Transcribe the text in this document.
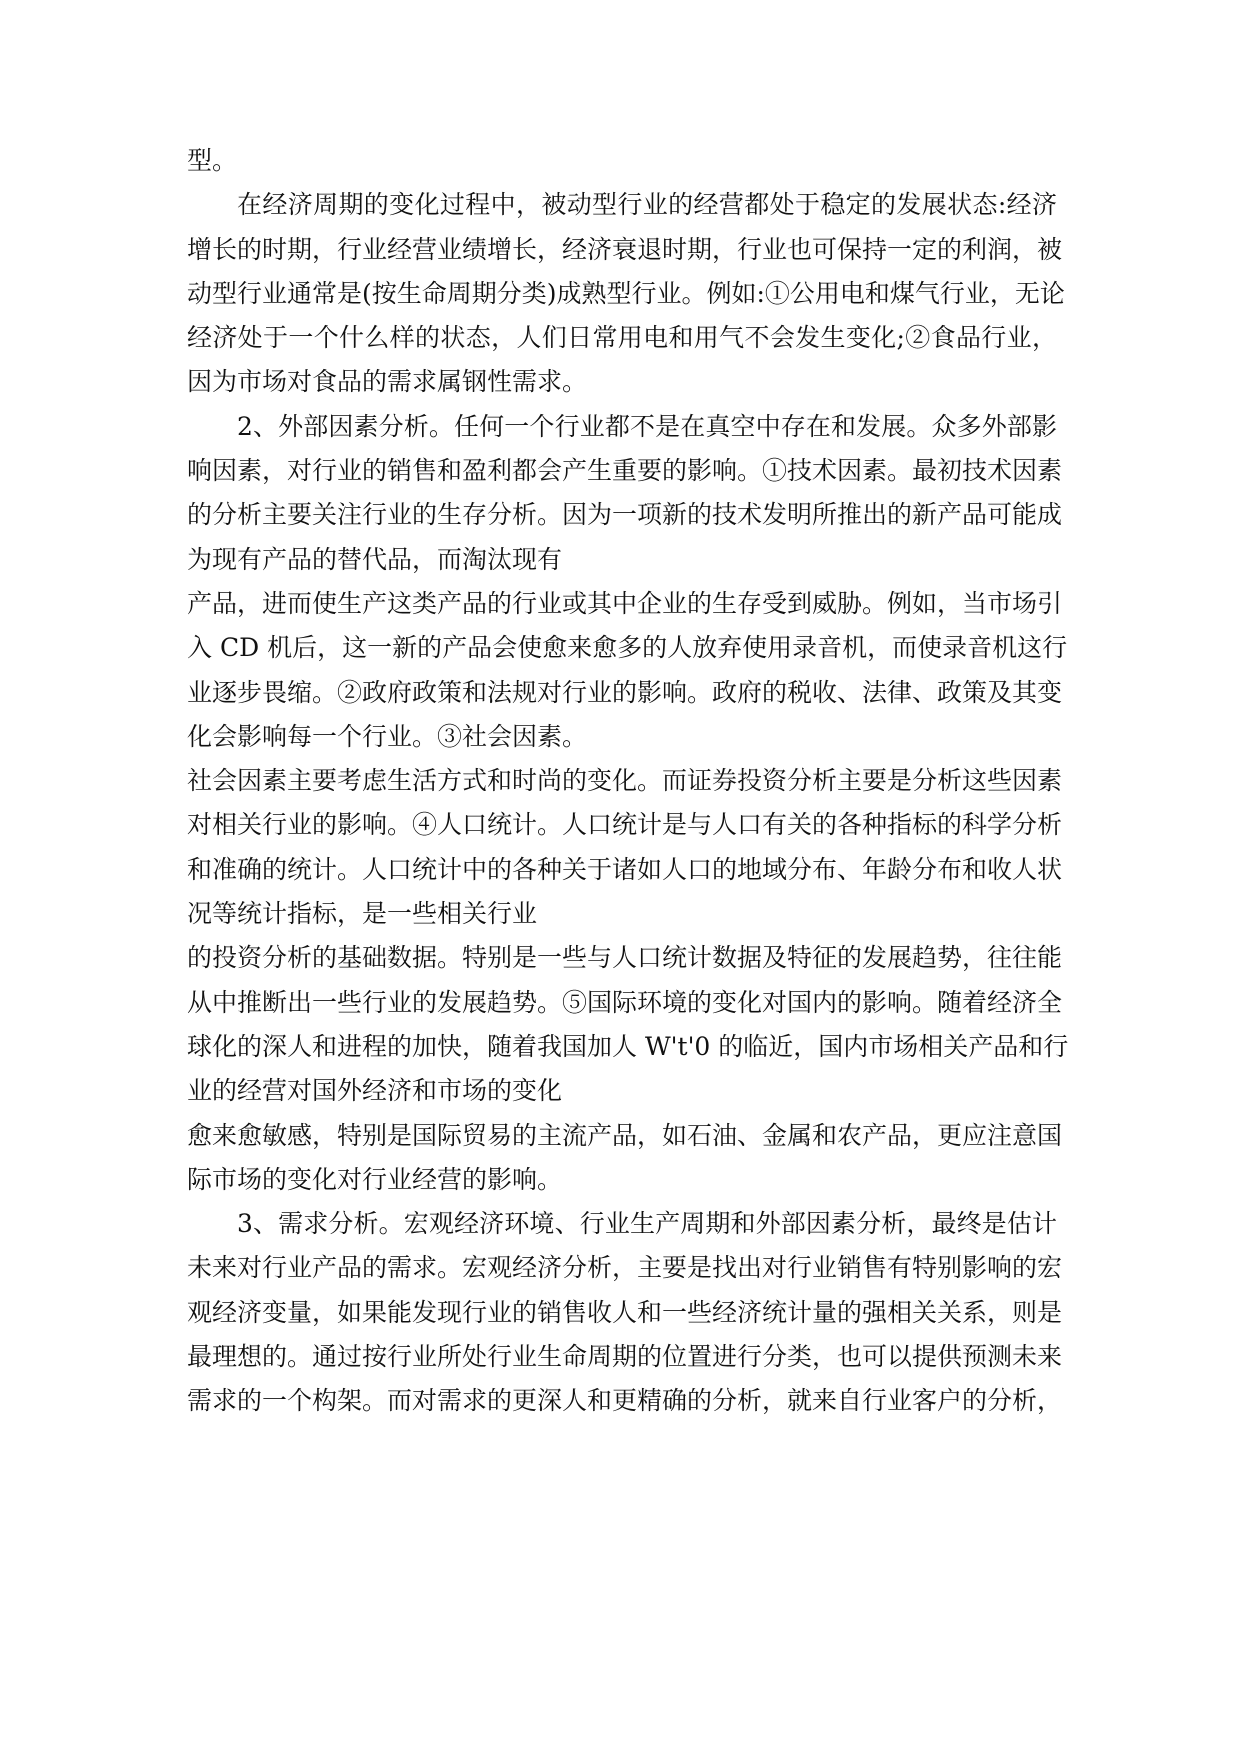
型。
在经济周期的变化过程中，被动型行业的经营都处于稳定的发展状态:经济
增长的时期，行业经营业绩增长，经济衰退时期，行业也可保持一定的利润，被
动型行业通常是(按生命周期分类)成熟型行业。例如:①公用电和煤气行业，无论
经济处于一个什么样的状态，人们日常用电和用气不会发生变化;②食品行业，
因为市场对食品的需求属钢性需求。
2、外部因素分析。任何一个行业都不是在真空中存在和发展。众多外部影
响因素，对行业的销售和盈利都会产生重要的影响。①技术因素。最初技术因素
的分析主要关注行业的生存分析。因为一项新的技术发明所推出的新产品可能成
为现有产品的替代品，而淘汰现有
产品，进而使生产这类产品的行业或其中企业的生存受到威胁。例如，当市场引
入 CD 机后，这一新的产品会使愈来愈多的人放弃使用录音机，而使录音机这行
业逐步畏缩。②政府政策和法规对行业的影响。政府的税收、法律、政策及其变
化会影响每一个行业。③社会因素。
社会因素主要考虑生活方式和时尚的变化。而证券投资分析主要是分析这些因素
对相关行业的影响。④人口统计。人口统计是与人口有关的各种指标的科学分析
和准确的统计。人口统计中的各种关于诸如人口的地域分布、年龄分布和收人状
况等统计指标，是一些相关行业
的投资分析的基础数据。特别是一些与人口统计数据及特征的发展趋势，往往能
从中推断出一些行业的发展趋势。⑤国际环境的变化对国内的影响。随着经济全
球化的深人和进程的加快，随着我国加人 W't'0 的临近，国内市场相关产品和行
业的经营对国外经济和市场的变化
愈来愈敏感，特别是国际贸易的主流产品，如石油、金属和农产品，更应注意国
际市场的变化对行业经营的影响。
3、需求分析。宏观经济环境、行业生产周期和外部因素分析，最终是估计
未来对行业产品的需求。宏观经济分析，主要是找出对行业销售有特别影响的宏
观经济变量，如果能发现行业的销售收人和一些经济统计量的强相关关系，则是
最理想的。通过按行业所处行业生命周期的位置进行分类，也可以提供预测未来
需求的一个构架。而对需求的更深人和更精确的分析，就来自行业客户的分析，
